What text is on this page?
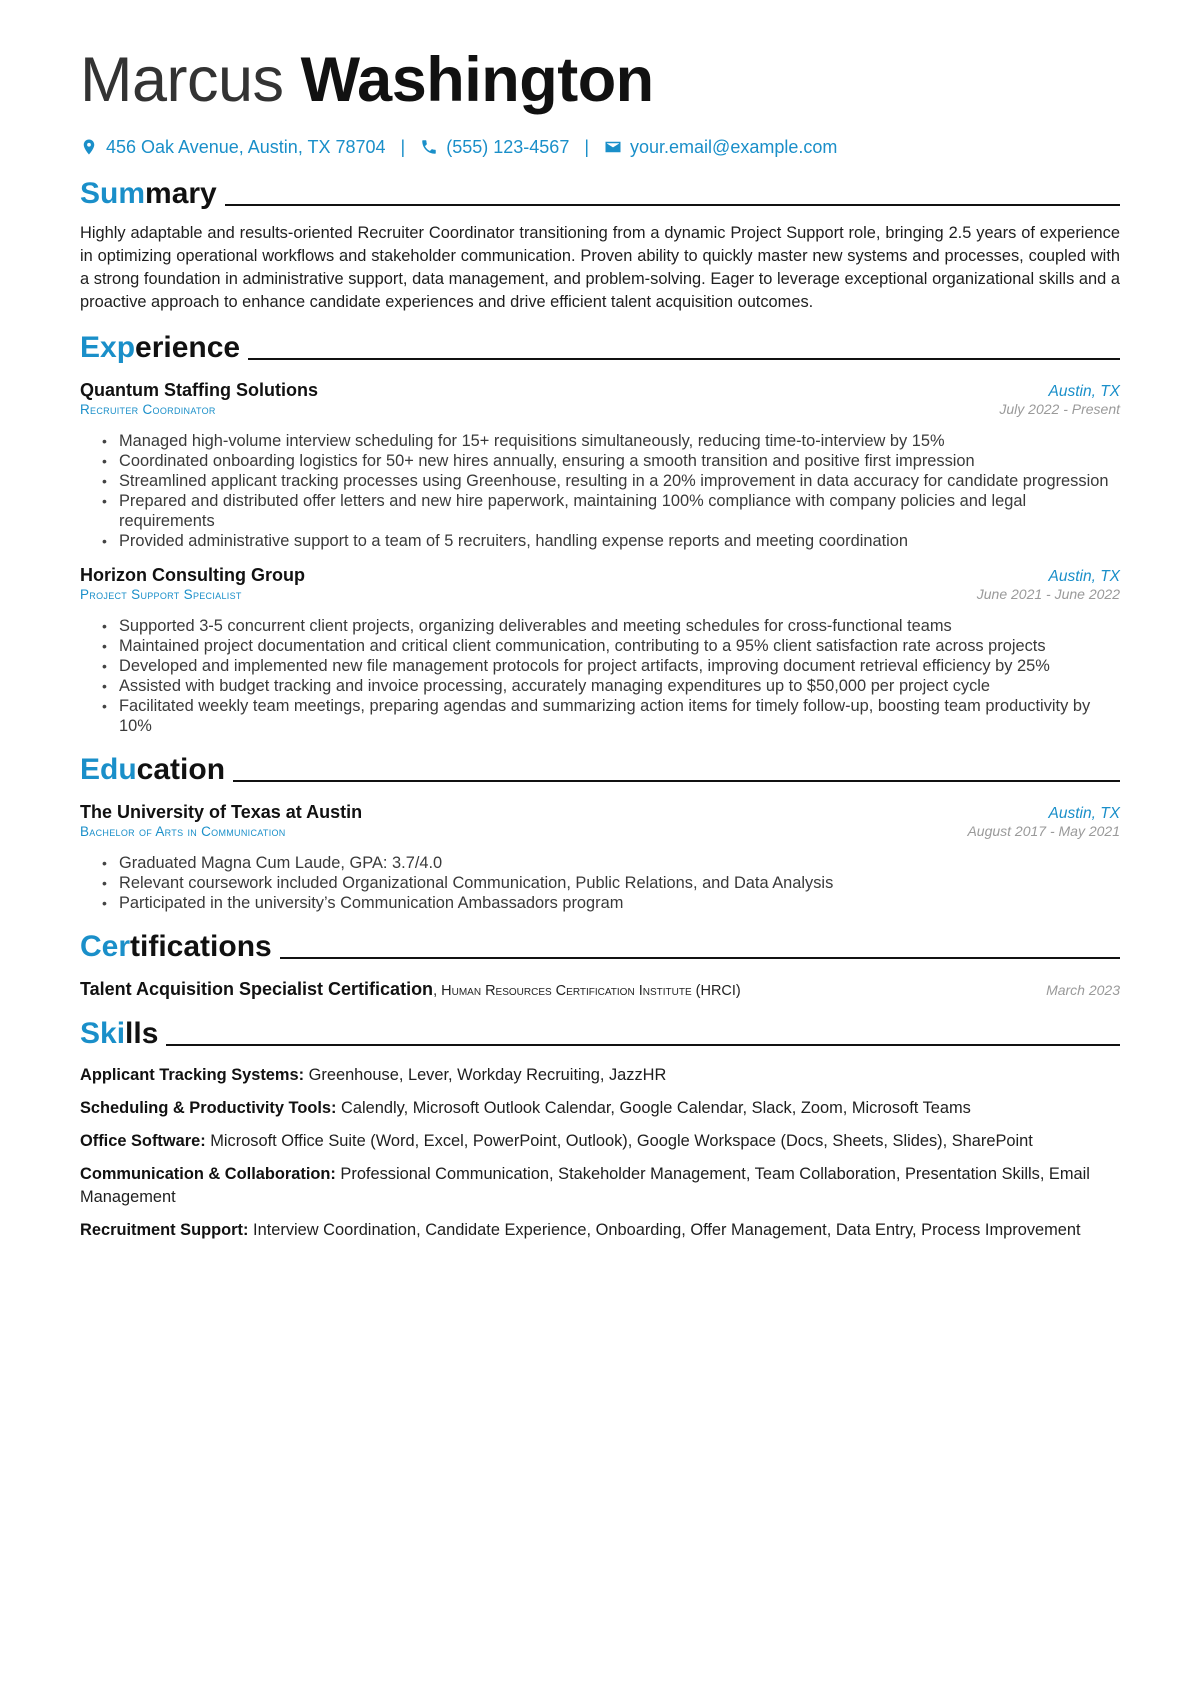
Marcus Washington
456 Oak Avenue, Austin, TX 78704 | (555) 123-4567 | your.email@example.com
Summary

Highly adaptable and results-oriented Recruiter Coordinator transitioning from a dynamic Project Support role, bringing 2.5 years of experience in optimizing operational workflows and stakeholder communication. Proven ability to quickly master new systems and processes, coupled with a strong foundation in administrative support, data management, and problem-solving. Eager to leverage exceptional organizational skills and a proactive approach to enhance candidate experiences and drive efficient talent acquisition outcomes.

Experience
Quantum Staffing Solutions	Austin, TX
Recruiter Coordinator	July 2022 - Present
• Managed high-volume interview scheduling for 15+ requisitions simultaneously, reducing time-to-interview by 15%
• Coordinated onboarding logistics for 50+ new hires annually, ensuring a smooth transition and positive first impression
• Streamlined applicant tracking processes using Greenhouse, resulting in a 20% improvement in data accuracy for candidate progression
• Prepared and distributed offer letters and new hire paperwork, maintaining 100% compliance with company policies and legal requirements
• Provided administrative support to a team of 5 recruiters, handling expense reports and meeting coordination
Horizon Consulting Group	Austin, TX
Project Support Specialist	June 2021 - June 2022
• Supported 3-5 concurrent client projects, organizing deliverables and meeting schedules for cross-functional teams
• Maintained project documentation and critical client communication, contributing to a 95% client satisfaction rate across projects
• Developed and implemented new file management protocols for project artifacts, improving document retrieval efficiency by 25%
• Assisted with budget tracking and invoice processing, accurately managing expenditures up to $50,000 per project cycle
• Facilitated weekly team meetings, preparing agendas and summarizing action items for timely follow-up, boosting team productivity by 10%
Education
The University of Texas at Austin	Austin, TX
Bachelor of Arts in Communication	August 2017 - May 2021
• Graduated Magna Cum Laude, GPA: 3.7/4.0
• Relevant coursework included Organizational Communication, Public Relations, and Data Analysis
• Participated in the university’s Communication Ambassadors program
Certifications
Talent Acquisition Specialist Certification, Human Resources Certification Institute (HRCI)	March 2023
Skills
Applicant Tracking Systems: Greenhouse, Lever, Workday Recruiting, JazzHR
Scheduling & Productivity Tools: Calendly, Microsoft Outlook Calendar, Google Calendar, Slack, Zoom, Microsoft Teams
Office Software: Microsoft Office Suite (Word, Excel, PowerPoint, Outlook), Google Workspace (Docs, Sheets, Slides), SharePoint
Communication & Collaboration: Professional Communication, Stakeholder Management, Team Collaboration, Presentation Skills, Email Management
Recruitment Support: Interview Coordination, Candidate Experience, Onboarding, Offer Management, Data Entry, Process Improvement
